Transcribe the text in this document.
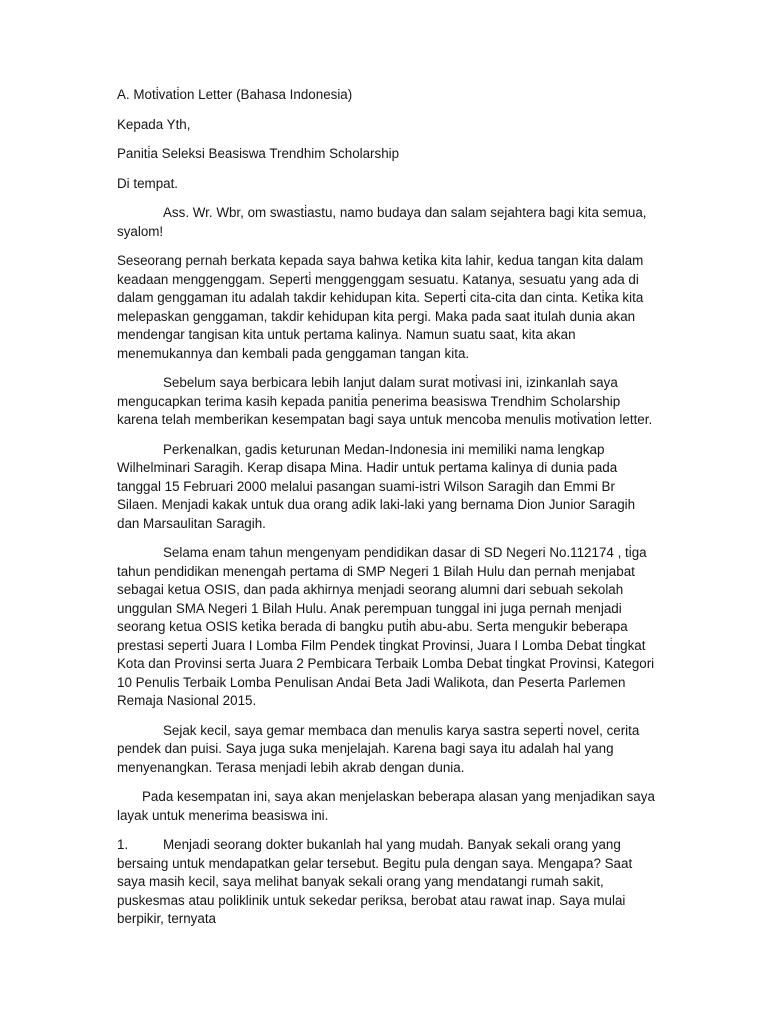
A. Moti̇vati̇on Letter (Bahasa Indonesia)

Kepada Yth,

Paniti̇a Seleksi Beasiswa Trendhim Scholarship

Di tempat.

Ass. Wr. Wbr, om swasti̇astu, namo budaya dan salam sejahtera bagi kita semua, syalom!

Seseorang pernah berkata kepada saya bahwa keti̇ka kita lahir, kedua tangan kita dalam keadaan menggenggam. Seperti̇ menggenggam sesuatu. Katanya, sesuatu yang ada di dalam genggaman itu adalah takdir kehidupan kita. Seperti̇ cita-cita dan cinta. Keti̇ka kita melepaskan genggaman, takdir kehidupan kita pergi. Maka pada saat itulah dunia akan mendengar tangisan kita untuk pertama kalinya. Namun suatu saat, kita akan menemukannya dan kembali pada genggaman tangan kita.

Sebelum saya berbicara lebih lanjut dalam surat moti̇vasi ini, izinkanlah saya mengucapkan terima kasih kepada paniti̇a penerima beasiswa Trendhim Scholarship karena telah memberikan kesempatan bagi saya untuk mencoba menulis moti̇vati̇on letter.

Perkenalkan, gadis keturunan Medan-Indonesia ini memiliki nama lengkap Wilhelminari Saragih. Kerap disapa Mina. Hadir untuk pertama kalinya di dunia pada tanggal 15 Februari 2000 melalui pasangan suami-istri Wilson Saragih dan Emmi Br Silaen. Menjadi kakak untuk dua orang adik laki-laki yang bernama Dion Junior Saragih dan Marsaulitan Saragih.

Selama enam tahun mengenyam pendidikan dasar di SD Negeri No.112174 , ti̇ga tahun pendidikan menengah pertama di SMP Negeri 1 Bilah Hulu dan pernah menjabat sebagai ketua OSIS, dan pada akhirnya menjadi seorang alumni dari sebuah sekolah unggulan SMA Negeri 1 Bilah Hulu. Anak perempuan tunggal ini juga pernah menjadi seorang ketua OSIS keti̇ka berada di bangku puti̇h abu-abu. Serta mengukir beberapa prestasi seperti̇ Juara I Lomba Film Pendek ti̇ngkat Provinsi, Juara I Lomba Debat ti̇ngkat Kota dan Provinsi serta Juara 2 Pembicara Terbaik Lomba Debat ti̇ngkat Provinsi, Kategori 10 Penulis Terbaik Lomba Penulisan Andai Beta Jadi Walikota, dan Peserta Parlemen Remaja Nasional 2015.

Sejak kecil, saya gemar membaca dan menulis karya sastra seperti̇ novel, cerita pendek dan puisi. Saya juga suka menjelajah. Karena bagi saya itu adalah hal yang menyenangkan. Terasa menjadi lebih akrab dengan dunia.

Pada kesempatan ini, saya akan menjelaskan beberapa alasan yang menjadikan saya layak untuk menerima beasiswa ini.

1.	Menjadi seorang dokter bukanlah hal yang mudah. Banyak sekali orang yang

bersaing untuk mendapatkan gelar tersebut. Begitu pula dengan saya. Mengapa? Saat saya masih kecil, saya melihat banyak sekali orang yang mendatangi rumah sakit, puskesmas atau poliklinik untuk sekedar periksa, berobat atau rawat inap. Saya mulai berpikir, ternyata
